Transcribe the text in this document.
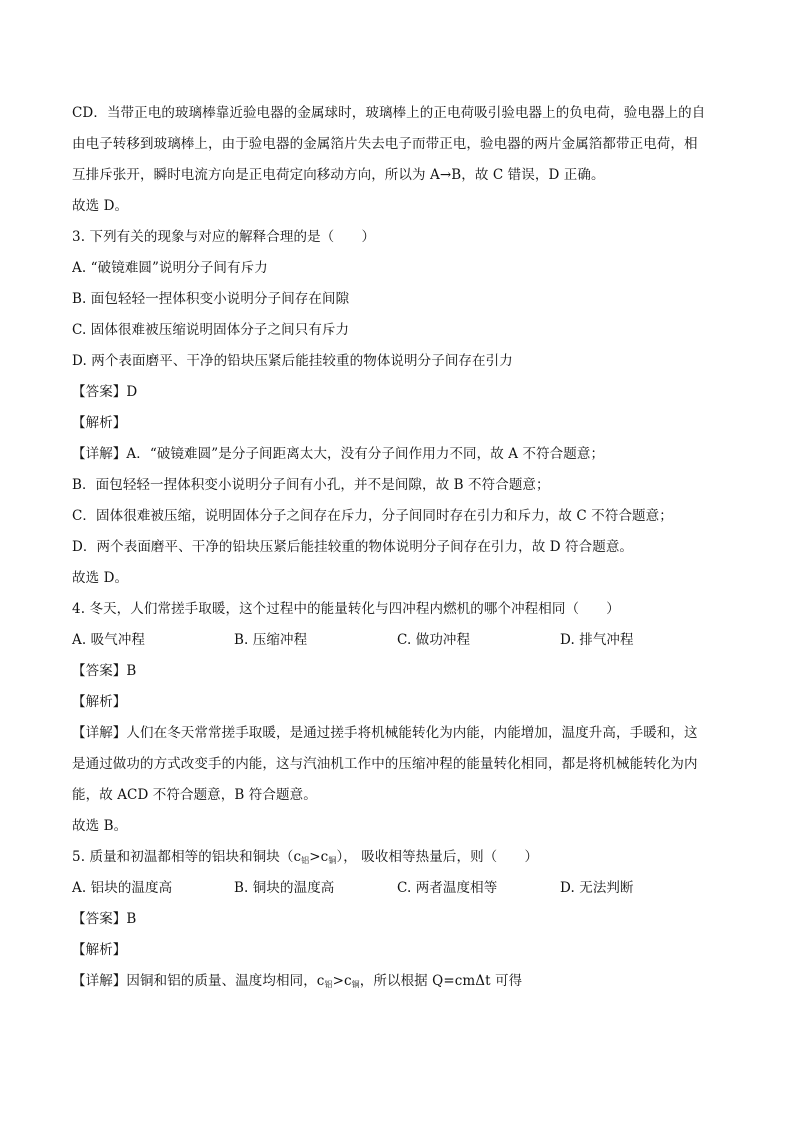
CD．当带正电的玻璃棒靠近验电器的金属球时，玻璃棒上的正电荷吸引验电器上的负电荷，验电器上的自
由电子转移到玻璃棒上，由于验电器的金属箔片失去电子而带正电，验电器的两片金属箔都带正电荷，相
互排斥张开，瞬时电流方向是正电荷定向移动方向，所以为 A→B，故 C 错误，D 正确。
故选 D。
3. 下列有关的现象与对应的解释合理的是（　　）
A. “破镜难圆”说明分子间有斥力
B. 面包轻轻一捏体积变小说明分子间存在间隙
C. 固体很难被压缩说明固体分子之间只有斥力
D. 两个表面磨平、干净的铅块压紧后能挂较重的物体说明分子间存在引力
【答案】D
【解析】
【详解】A．“破镜难圆”是分子间距离太大，没有分子间作用力不同，故 A 不符合题意；
B．面包轻轻一捏体积变小说明分子间有小孔，并不是间隙，故 B 不符合题意；
C．固体很难被压缩，说明固体分子之间存在斥力，分子间同时存在引力和斥力，故 C 不符合题意；
D．两个表面磨平、干净的铅块压紧后能挂较重的物体说明分子间存在引力，故 D 符合题意。
故选 D。
4. 冬天，人们常搓手取暖，这个过程中的能量转化与四冲程内燃机的哪个冲程相同（　　）
A. 吸气冲程	B. 压缩冲程	C. 做功冲程	D. 排气冲程
【答案】B
【解析】
【详解】人们在冬天常常搓手取暖，是通过搓手将机械能转化为内能，内能增加，温度升高，手暖和，这
是通过做功的方式改变手的内能，这与汽油机工作中的压缩冲程的能量转化相同，都是将机械能转化为内
能，故 ACD 不符合题意，B 符合题意。
故选 B。
5. 质量和初温都相等的铝块和铜块$(c_铝>c_铜)$， 吸收相等热量后，则（　　）
A. 铝块的温度高	B. 铜块的温度高	C. 两者温度相等	D. 无法判断
【答案】B
【解析】
【详解】因铜和铝的质量、温度均相同，$c_铝>c_铜$，所以根据 Q=cmΔt 可得
